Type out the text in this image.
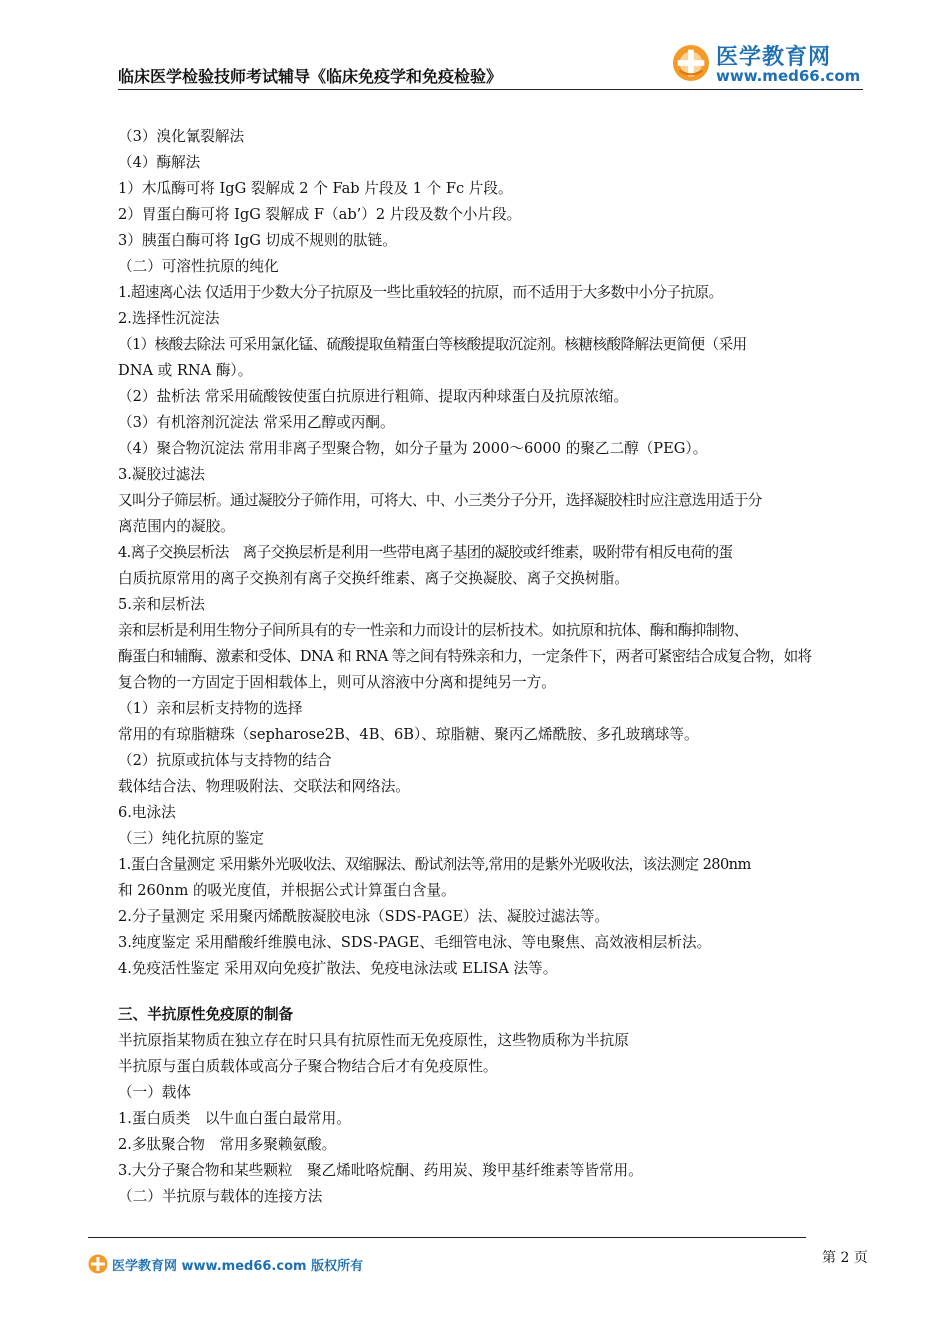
医学教育网
www.med66.com
临床医学检验技师考试辅导《临床免疫学和免疫检验》
（3）溴化氰裂解法
（4）酶解法
1）木瓜酶可将 IgG 裂解成 2 个 Fab 片段及 1 个 Fc 片段。
2）胃蛋白酶可将 IgG 裂解成 F（ab’）2 片段及数个小片段。
3）胰蛋白酶可将 IgG 切成不规则的肽链。
（二）可溶性抗原的纯化
1.超速离心法 仅适用于少数大分子抗原及一些比重较轻的抗原，而不适用于大多数中小分子抗原。
2.选择性沉淀法
（1）核酸去除法 可采用氯化锰、硫酸提取鱼精蛋白等核酸提取沉淀剂。核糖核酸降解法更简便（采用
DNA 或 RNA 酶）。
（2）盐析法 常采用硫酸铵使蛋白抗原进行粗筛、提取丙种球蛋白及抗原浓缩。
（3）有机溶剂沉淀法 常采用乙醇或丙酮。
（4）聚合物沉淀法 常用非离子型聚合物，如分子量为 2000～6000 的聚乙二醇（PEG）。
3.凝胶过滤法
又叫分子筛层析。通过凝胶分子筛作用，可将大、中、小三类分子分开，选择凝胶柱时应注意选用适于分
离范围内的凝胶。
4.离子交换层析法　离子交换层析是利用一些带电离子基团的凝胶或纤维素，吸附带有相反电荷的蛋
白质抗原常用的离子交换剂有离子交换纤维素、离子交换凝胶、离子交换树脂。
5.亲和层析法
亲和层析是利用生物分子间所具有的专一性亲和力而设计的层析技术。如抗原和抗体、酶和酶抑制物、
酶蛋白和辅酶、激素和受体、DNA 和 RNA 等之间有特殊亲和力，一定条件下，两者可紧密结合成复合物，如将
复合物的一方固定于固相载体上，则可从溶液中分离和提纯另一方。
（1）亲和层析支持物的选择
常用的有琼脂糖珠（sepharose2B、4B、6B）、琼脂糖、聚丙乙烯酰胺、多孔玻璃球等。
（2）抗原或抗体与支持物的结合
载体结合法、物理吸附法、交联法和网络法。
6.电泳法
（三）纯化抗原的鉴定
1.蛋白含量测定 采用紫外光吸收法、双缩脲法、酚试剂法等,常用的是紫外光吸收法，该法测定 280nm
和 260nm 的吸光度值，并根据公式计算蛋白含量。
2.分子量测定 采用聚丙烯酰胺凝胶电泳（SDS-PAGE）法、凝胶过滤法等。
3.纯度鉴定 采用醋酸纤维膜电泳、SDS-PAGE、毛细管电泳、等电聚焦、高效液相层析法。
4.免疫活性鉴定 采用双向免疫扩散法、免疫电泳法或 ELISA 法等。
三、半抗原性免疫原的制备
半抗原指某物质在独立存在时只具有抗原性而无免疫原性，这些物质称为半抗原
半抗原与蛋白质载体或高分子聚合物结合后才有免疫原性。
（一）载体
1.蛋白质类　以牛血白蛋白最常用。
2.多肽聚合物　常用多聚赖氨酸。
3.大分子聚合物和某些颗粒　聚乙烯吡咯烷酮、药用炭、羧甲基纤维素等皆常用。
（二）半抗原与载体的连接方法
第 2 页
医学教育网 www.med66.com 版权所有
